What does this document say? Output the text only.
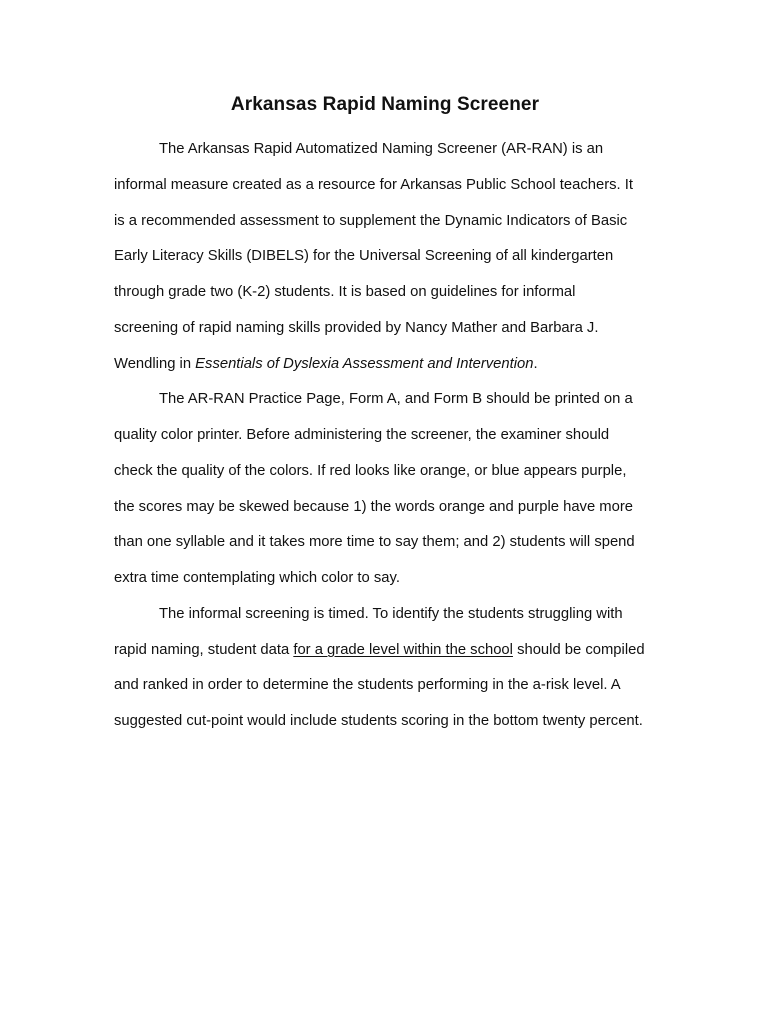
Arkansas Rapid Naming Screener
The Arkansas Rapid Automatized Naming Screener (AR-RAN) is an
informal measure created as a resource for Arkansas Public School teachers. It
is a recommended assessment to supplement the Dynamic Indicators of Basic
Early Literacy Skills (DIBELS) for the Universal Screening of all kindergarten
through grade two (K-2) students. It is based on guidelines for informal
screening of rapid naming skills provided by Nancy Mather and Barbara J.
Wendling in Essentials of Dyslexia Assessment and Intervention.
The AR-RAN Practice Page, Form A, and Form B should be printed on a
quality color printer. Before administering the screener, the examiner should
check the quality of the colors. If red looks like orange, or blue appears purple,
the scores may be skewed because 1) the words orange and purple have more
than one syllable and it takes more time to say them; and 2) students will spend
extra time contemplating which color to say.
The informal screening is timed. To identify the students struggling with
rapid naming, student data for a grade level within the school should be compiled
and ranked in order to determine the students performing in the a-risk level. A
suggested cut-point would include students scoring in the bottom twenty percent.
